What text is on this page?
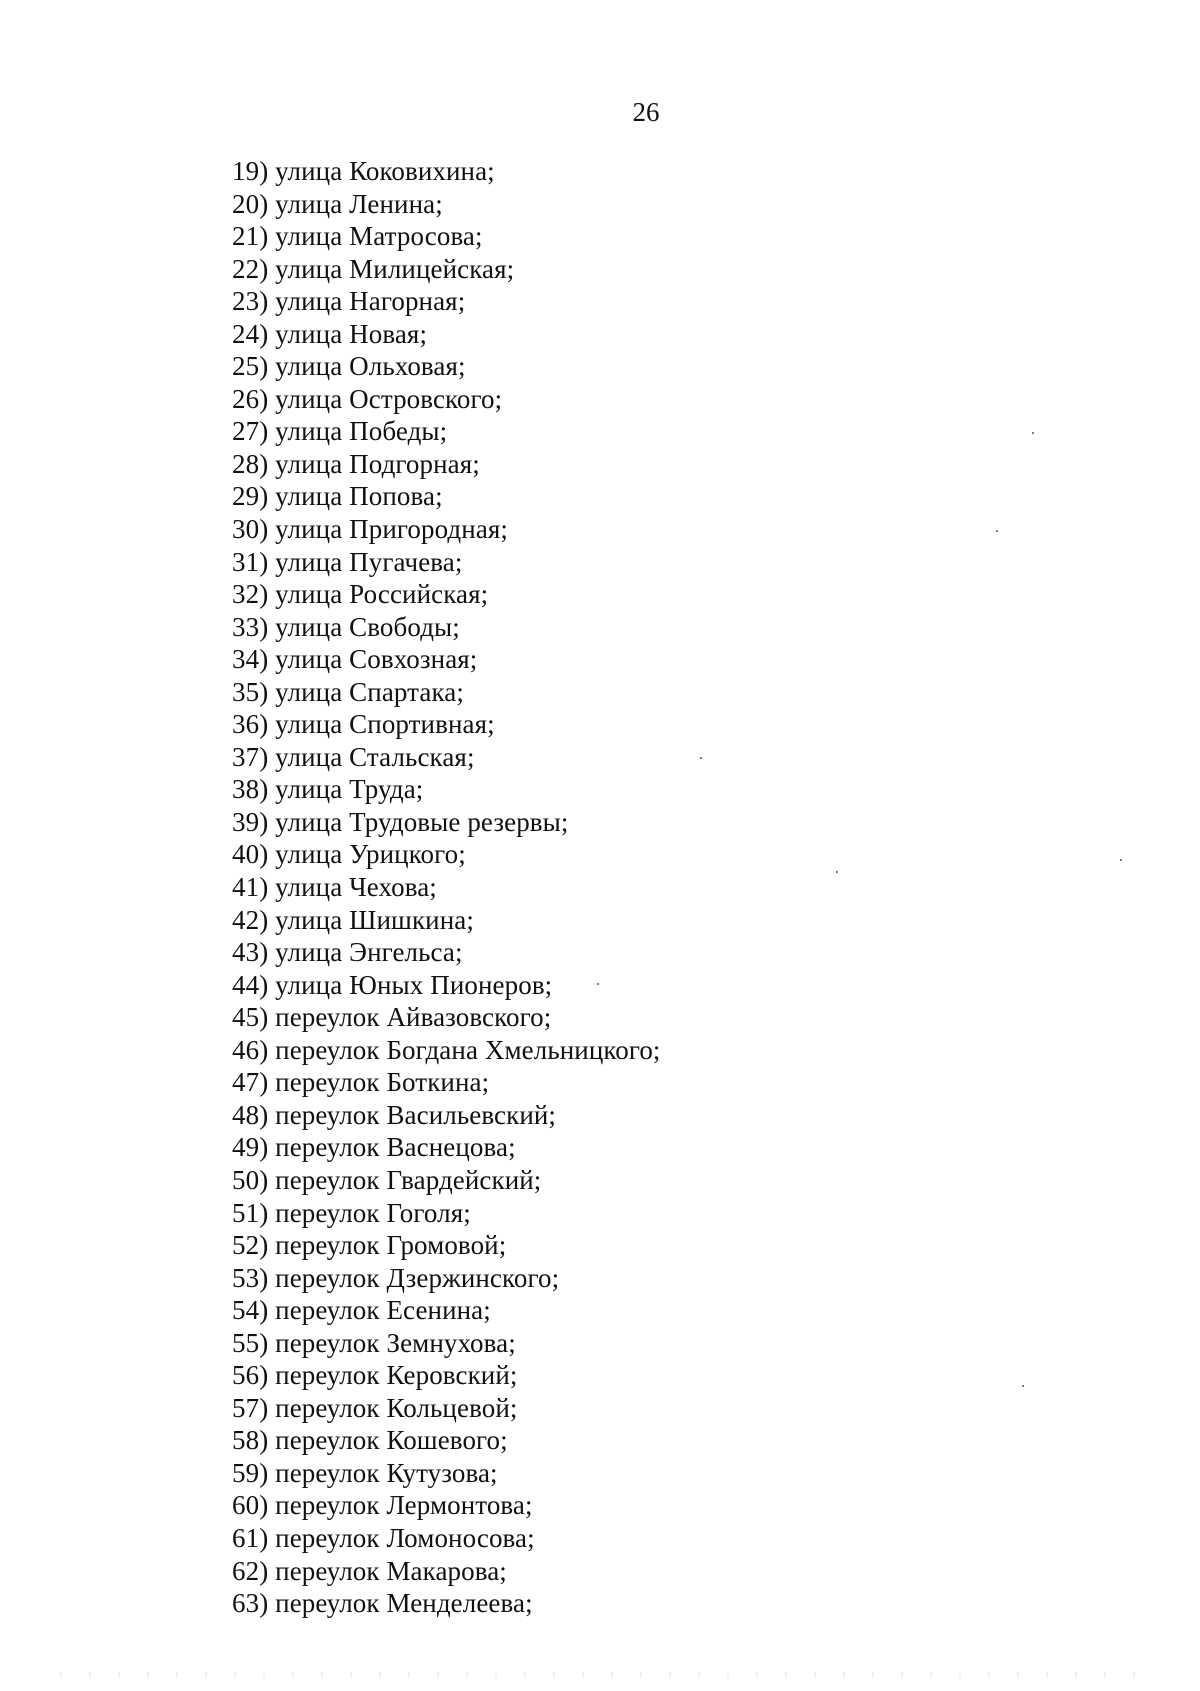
26
19) улица Коковихина;
20) улица Ленина;
21) улица Матросова;
22) улица Милицейская;
23) улица Нагорная;
24) улица Новая;
25) улица Ольховая;
26) улица Островского;
27) улица Победы;
28) улица Подгорная;
29) улица Попова;
30) улица Пригородная;
31) улица Пугачева;
32) улица Российская;
33) улица Свободы;
34) улица Совхозная;
35) улица Спартака;
36) улица Спортивная;
37) улица Стальская;
38) улица Труда;
39) улица Трудовые резервы;
40) улица Урицкого;
41) улица Чехова;
42) улица Шишкина;
43) улица Энгельса;
44) улица Юных Пионеров;
45) переулок Айвазовского;
46) переулок Богдана Хмельницкого;
47) переулок Боткина;
48) переулок Васильевский;
49) переулок Васнецова;
50) переулок Гвардейский;
51) переулок Гоголя;
52) переулок Громовой;
53) переулок Дзержинского;
54) переулок Есенина;
55) переулок Земнухова;
56) переулок Керовский;
57) переулок Кольцевой;
58) переулок Кошевого;
59) переулок Кутузова;
60) переулок Лермонтова;
61) переулок Ломоносова;
62) переулок Макарова;
63) переулок Менделеева;
